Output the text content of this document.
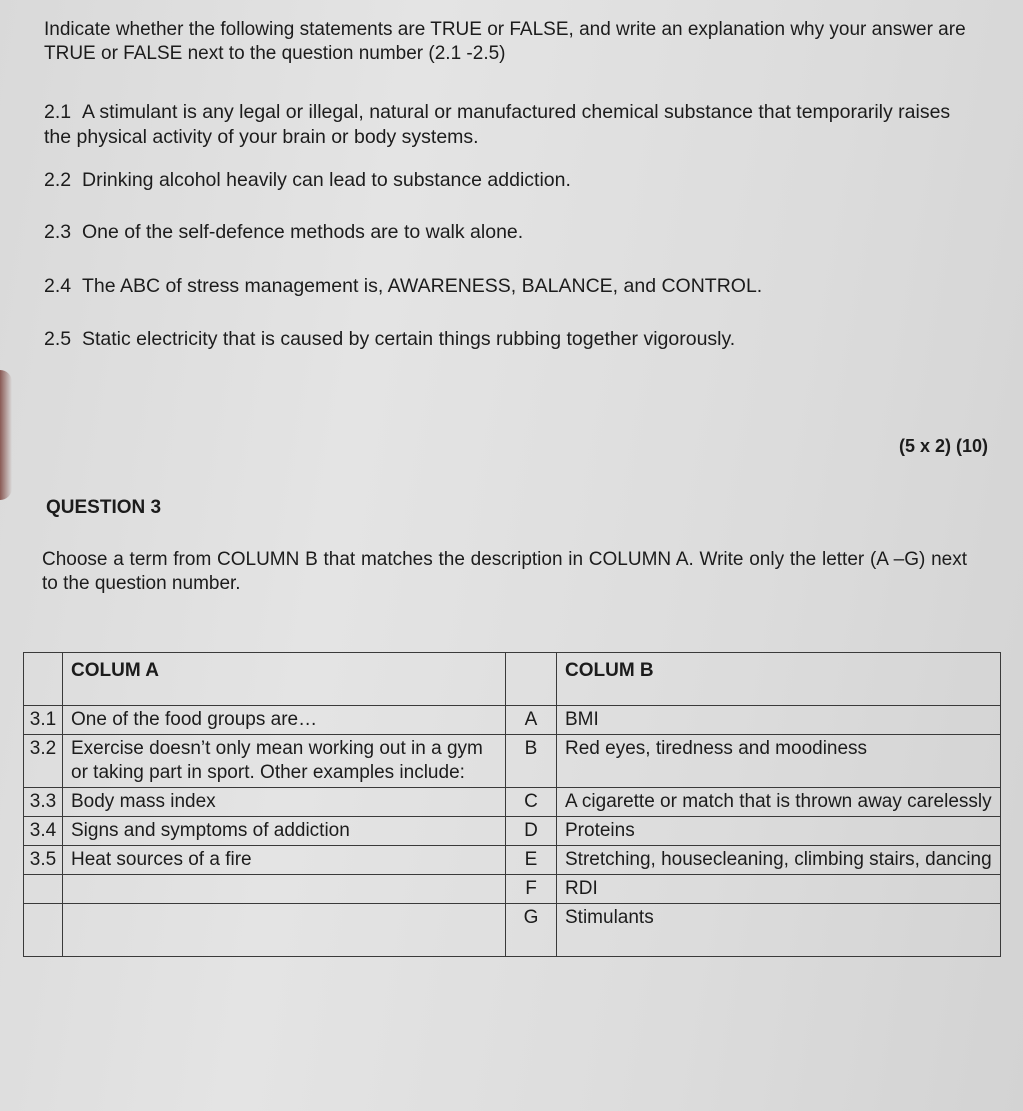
Indicate whether the following statements are TRUE or FALSE, and write an explanation why your answer are TRUE or FALSE next to the question number (2.1 -2.5)

2.1 A stimulant is any legal or illegal, natural or manufactured chemical substance that temporarily raises the physical activity of your brain or body systems.

2.2 Drinking alcohol heavily can lead to substance addiction.

2.3 One of the self-defence methods are to walk alone.

2.4 The ABC of stress management is, AWARENESS, BALANCE, and CONTROL.

2.5 Static electricity that is caused by certain things rubbing together vigorously.

(5 x 2) (10)
QUESTION 3
Choose a term from COLUMN B that matches the description in COLUMN A. Write only the letter (A –G) next to the question number.
	COLUM A		COLUM B
3.1	One of the food groups are…	A	BMI
3.2	Exercise doesn’t only mean working out in a gym or taking part in sport. Other examples include:	B	Red eyes, tiredness and moodiness
3.3	Body mass index	C	A cigarette or match that is thrown away carelessly
3.4	Signs and symptoms of addiction	D	Proteins
3.5	Heat sources of a fire	E	Stretching, housecleaning, climbing stairs, dancing
		F	RDI
		G	Stimulants
